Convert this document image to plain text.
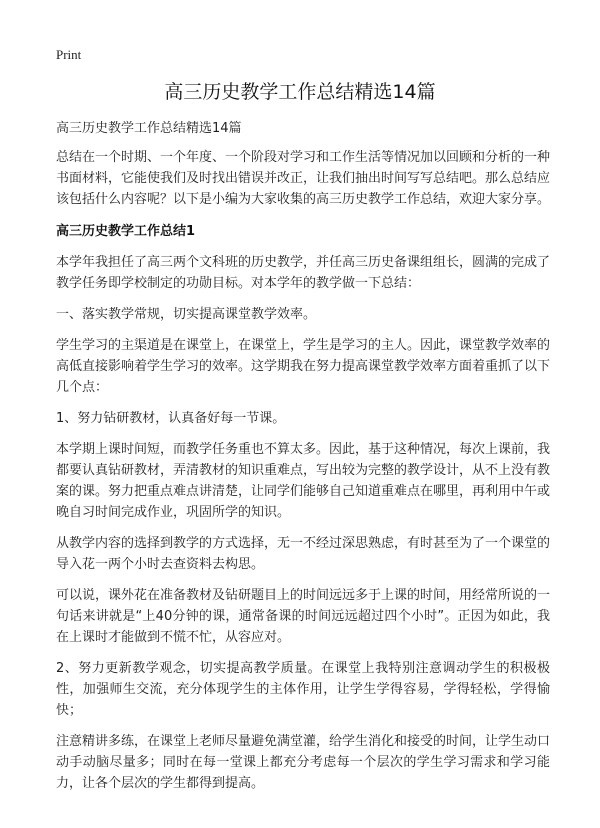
Print
高三历史教学工作总结精选14篇

高三历史教学工作总结精选14篇

总结在一个时期、一个年度、一个阶段对学习和工作生活等情况加以回顾和分析的一种书面材料，它能使我们及时找出错误并改正，让我们抽出时间写写总结吧。那么总结应该包括什么内容呢？以下是小编为大家收集的高三历史教学工作总结，欢迎大家分享。

高三历史教学工作总结1

本学年我担任了高三两个文科班的历史教学，并任高三历史备课组组长，圆满的完成了教学任务即学校制定的功勋目标。对本学年的教学做一下总结：

一、落实教学常规，切实提高课堂教学效率。

学生学习的主渠道是在课堂上，在课堂上，学生是学习的主人。因此，课堂教学效率的高低直接影响着学生学习的效率。这学期我在努力提高课堂教学效率方面着重抓了以下几个点：

1、努力钻研教材，认真备好每一节课。

本学期上课时间短，而教学任务重也不算太多。因此，基于这种情况，每次上课前，我都要认真钻研教材，弄清教材的知识重难点，写出较为完整的教学设计，从不上没有教案的课。努力把重点难点讲清楚，让同学们能够自己知道重难点在哪里，再利用中午或晚自习时间完成作业，巩固所学的知识。

从教学内容的选择到教学的方式选择，无一不经过深思熟虑，有时甚至为了一个课堂的导入花一两个小时去查资料去构思。

可以说，课外花在准备教材及钻研题目上的时间远远多于上课的时间，用经常所说的一句话来讲就是“上40分钟的课，通常备课的时间远远超过四个小时”。正因为如此，我在上课时才能做到不慌不忙，从容应对。

2、努力更新教学观念，切实提高教学质量。在课堂上我特别注意调动学生的积极极性，加强师生交流，充分体现学生的主体作用，让学生学得容易，学得轻松，学得愉快；

注意精讲多练，在课堂上老师尽量避免满堂灌，给学生消化和接受的时间，让学生动口动手动脑尽量多；同时在每一堂课上都充分考虑每一个层次的学生学习需求和学习能力，让各个层次的学生都得到提高。
